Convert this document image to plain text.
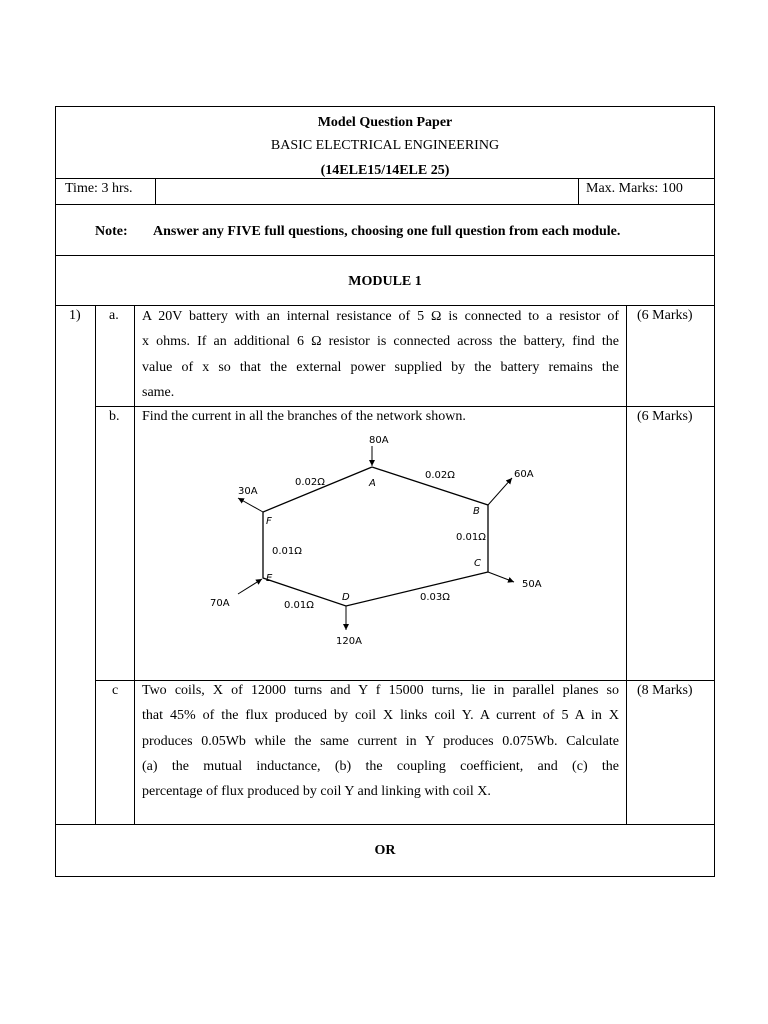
Model Question Paper
BASIC ELECTRICAL ENGINEERING
(14ELE15/14ELE 25)
Time: 3 hrs.	Max. Marks: 100
Note: Answer any FIVE full questions, choosing one full question from each module.
MODULE 1
1) a. A 20V battery with an internal resistance of 5 Ω is connected to a resistor of
x ohms. If an additional 6 Ω resistor is connected across the battery, find the
value of x so that the external power supplied by the battery remains the
same.
(6 Marks)
b. Find the current in all the branches of the network shown.	(6 Marks)
80A
60A
50A
120A
70A
30A
A
B
C
D
E
F
0.02Ω
0.02Ω
0.01Ω
0.03Ω
0.01Ω
0.01Ω
c Two coils, X of 12000 turns and Y f 15000 turns, lie in parallel planes so
that 45% of the flux produced by coil X links coil Y. A current of 5 A in X
produces 0.05Wb while the same current in Y produces 0.075Wb. Calculate
(a) the mutual inductance, (b) the coupling coefficient, and (c) the
percentage of flux produced by coil Y and linking with coil X.
(8 Marks)
OR
